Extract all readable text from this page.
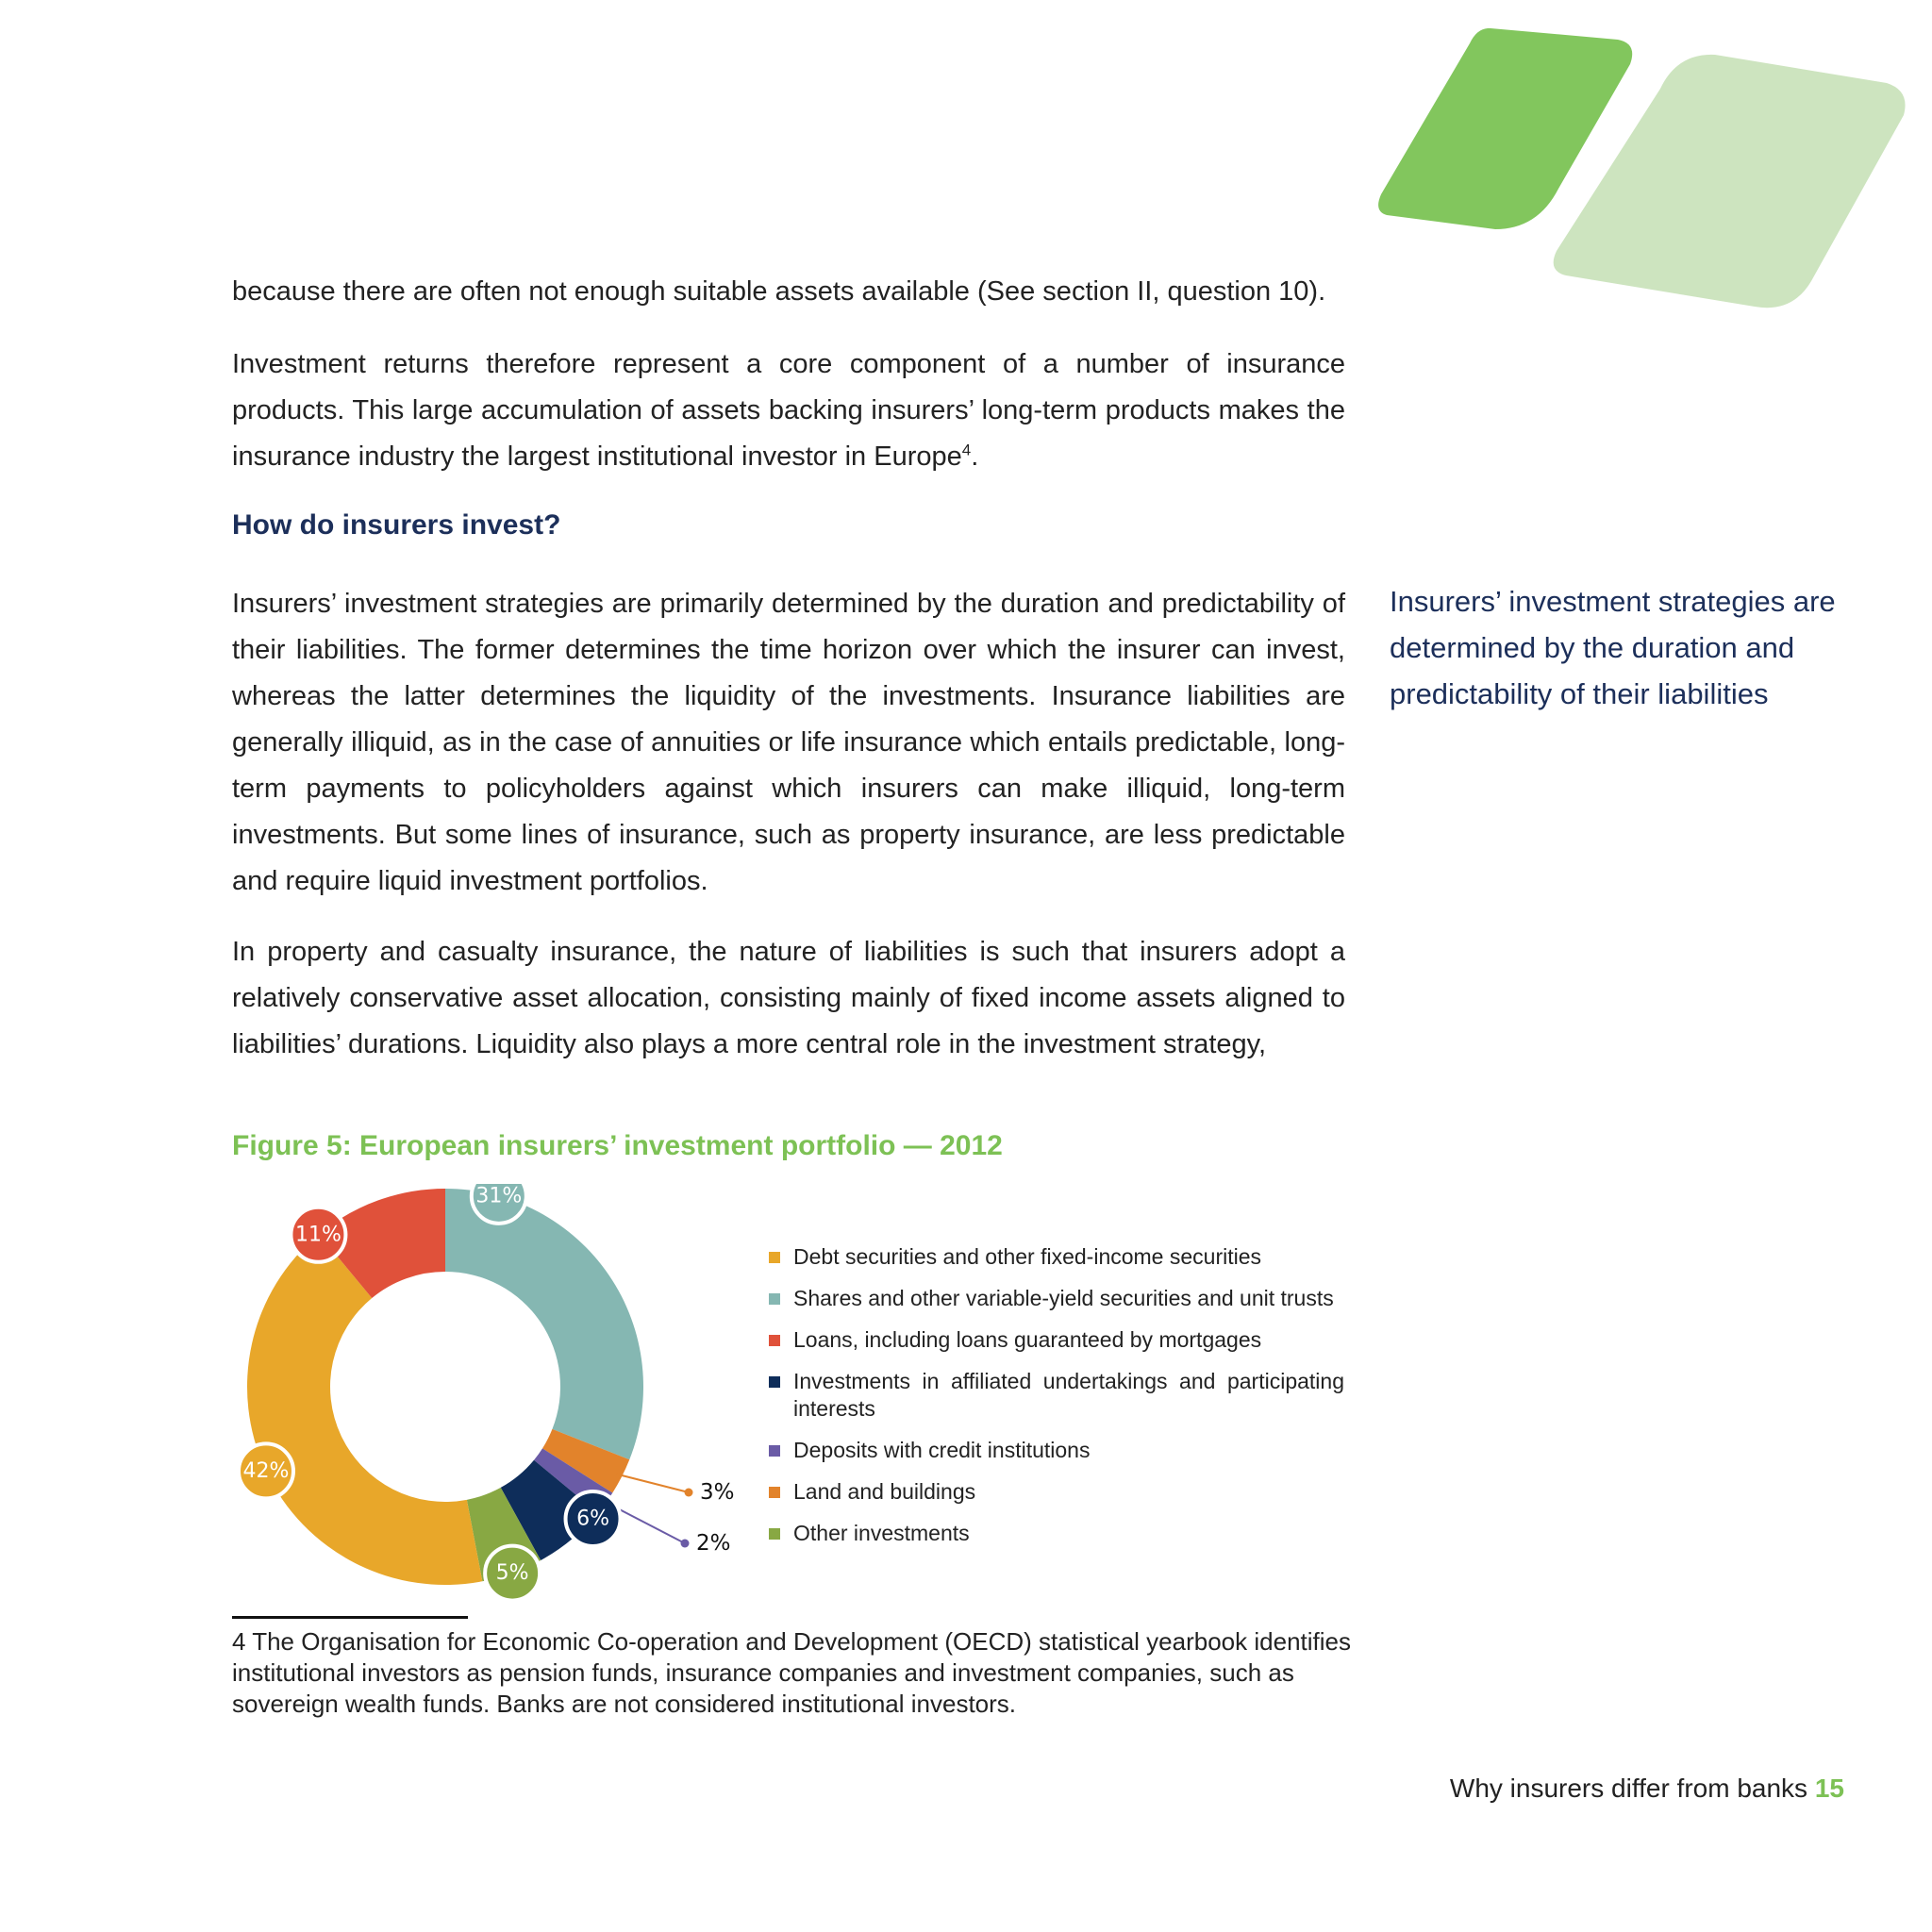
because there are often not enough suitable assets available (See section II, question 10).

Investment returns therefore represent a core component of a number of insurance products. This large accumulation of assets backing insurers’ long-term products makes the insurance industry the largest institutional investor in Europe$^4$.

How do insurers invest?

Insurers’ investment strategies are primarily determined by the duration and predictability of their liabilities. The former determines the time horizon over which the insurer can invest, whereas the latter determines the liquidity of the investments. Insurance liabilities are generally illiquid, as in the case of annuities or life insurance which entails predictable, long-term payments to policyholders against which insurers can make illiquid, long-term investments. But some lines of insurance, such as property insurance, are less predictable and require liquid investment portfolios.

In property and casualty insurance, the nature of liabilities is such that insurers adopt a relatively conservative asset allocation, consisting mainly of fixed income assets aligned to liabilities’ durations. Liquidity also plays a more central role in the investment strategy,

Insurers’ investment strategies are determined by the duration and predictability of their liabilities

Figure 5: European insurers’ investment portfolio — 2012
31%
3%
2%
6%
5%
42%
11%
Debt securities and other fixed-income securities
Shares and other variable-yield securities and unit trusts
Loans, including loans guaranteed by mortgages
Investments in affiliated undertakings and participating interests
Deposits with credit institutions
Land and buildings
Other investments

4 The Organisation for Economic Co-operation and Development (OECD) statistical yearbook identifies institutional investors as pension funds, insurance companies and investment companies, such as sovereign wealth funds. Banks are not considered institutional investors.

Why insurers differ from banks 15
